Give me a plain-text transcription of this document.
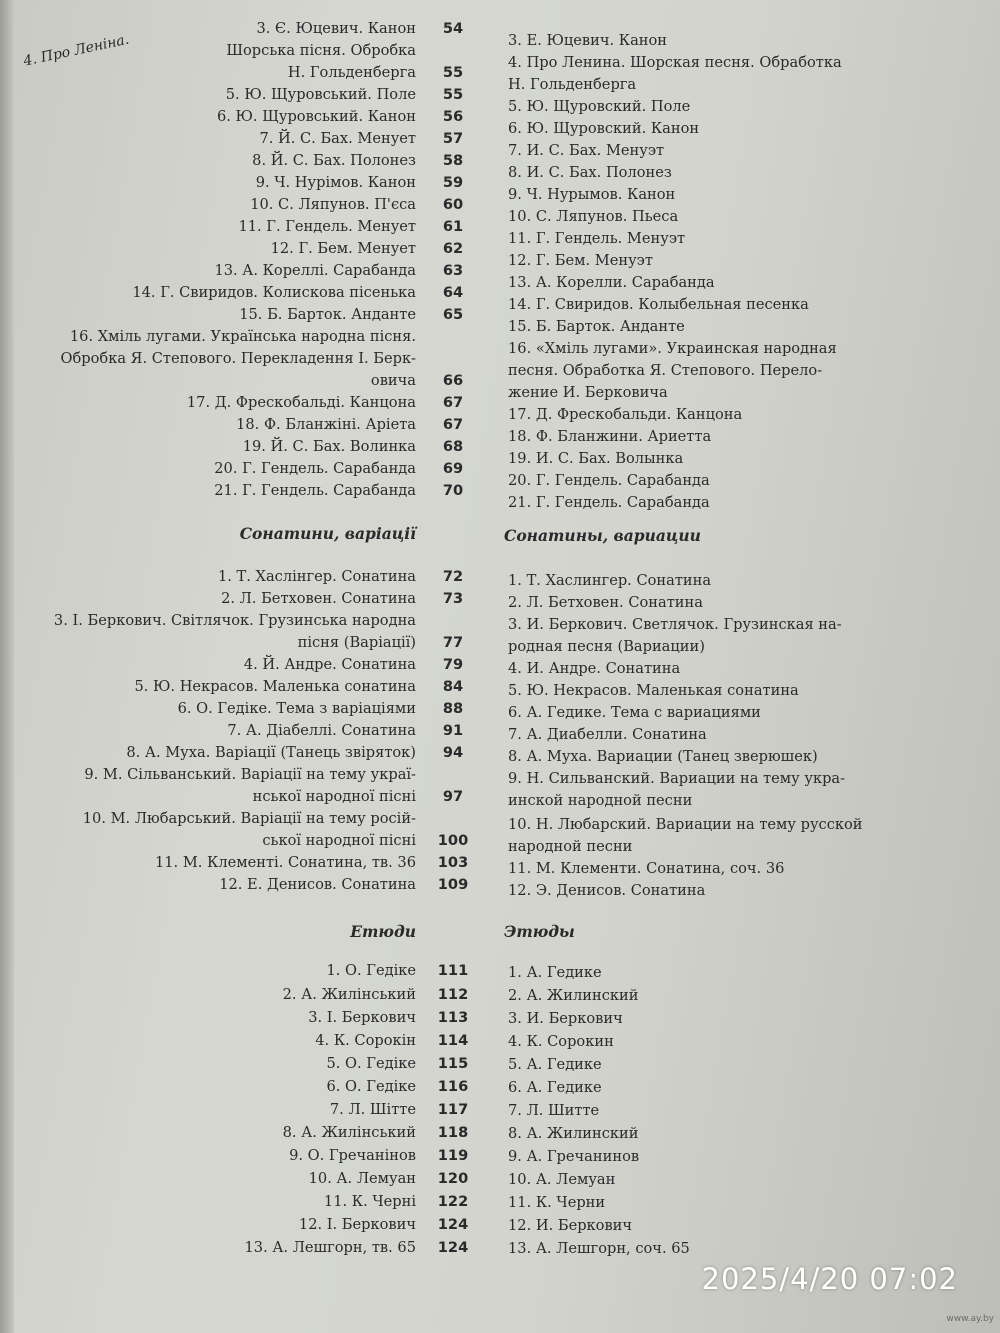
3. Є. Юцевич. Канон
Шорська пісня. Обробка
Н. Гольденберга
5. Ю. Щуровський. Поле
6. Ю. Щуровський. Канон
7. Й. С. Бах. Менует
8. Й. С. Бах. Полонез
9. Ч. Нурімов. Канон
10. С. Ляпунов. П'єса
11. Г. Гендель. Менует
12. Г. Бем. Менует
13. А. Кореллі. Сарабанда
14. Г. Свиридов. Колискова пісенька
15. Б. Барток. Анданте
16. Хміль лугами. Українська народна пісня.
Обробка Я. Степового. Перекладення І. Берк-
овича
17. Д. Фрескобальді. Канцона
18. Ф. Бланжіні. Аріета
19. Й. С. Бах. Волинка
20. Г. Гендель. Сарабанда
21. Г. Гендель. Сарабанда
1. Т. Хаслінгер. Сонатина
2. Л. Бетховен. Сонатина
3. І. Беркович. Світлячок. Грузинська народна
пісня (Варіації)
4. Й. Андре. Сонатина
5. Ю. Некрасов. Маленька сонатина
6. О. Гедіке. Тема з варіаціями
7. А. Діабеллі. Сонатина
8. А. Муха. Варіації (Танець звіряток)
9. М. Сільванський. Варіації на тему украї-
нської народної пісні
10. М. Любарський. Варіації на тему росій-
ської народної пісні
11. М. Клементі. Сонатина, тв. 36
12. Е. Денисов. Сонатина
1. О. Гедіке
2. А. Жилінський
3. І. Беркович
4. К. Сорокін
5. О. Гедіке
6. О. Гедіке
7. Л. Шітте
8. А. Жилінський
9. О. Гречанінов
10. А. Лемуан
11. К. Черні
12. І. Беркович
13. А. Лешгорн, тв. 65
54
55
55
56
57
58
59
60
61
62
63
64
65
66
67
67
68
69
70
72
73
77
79
84
88
91
94
97
100
103
109
111
112
113
114
115
116
117
118
119
120
122
124
124
3. Е. Юцевич. Канон
4. Про Ленина. Шорская песня. Обработка
Н. Гольденберга
5. Ю. Щуровский. Поле
6. Ю. Щуровский. Канон
7. И. С. Бах. Менуэт
8. И. С. Бах. Полонез
9. Ч. Нурымов. Канон
10. С. Ляпунов. Пьеса
11. Г. Гендель. Менуэт
12. Г. Бем. Менуэт
13. А. Корелли. Сарабанда
14. Г. Свиридов. Колыбельная песенка
15. Б. Барток. Анданте
16. «Хміль лугами». Украинская народная
песня. Обработка Я. Степового. Перело-
жение И. Берковича
17. Д. Фрескобальди. Канцона
18. Ф. Бланжини. Ариетта
19. И. С. Бах. Волынка
20. Г. Гендель. Сарабанда
21. Г. Гендель. Сарабанда
1. Т. Хаслингер. Сонатина
2. Л. Бетховен. Сонатина
3. И. Беркович. Светлячок. Грузинская на-
родная песня (Вариации)
4. И. Андре. Сонатина
5. Ю. Некрасов. Маленькая сонатина
6. А. Гедике. Тема с вариациями
7. А. Диабелли. Сонатина
8. А. Муха. Вариации (Танец зверюшек)
9. Н. Сильванский. Вариации на тему укра-
инской народной песни
10. Н. Любарский. Вариации на тему русской
народной песни
11. М. Клементи. Сонатина, соч. 36
12. Э. Денисов. Сонатина
1. А. Гедике
2. А. Жилинский
3. И. Беркович
4. К. Сорокин
5. А. Гедике
6. А. Гедике
7. Л. Шитте
8. А. Жилинский
9. А. Гречанинов
10. А. Лемуан
11. К. Черни
12. И. Беркович
13. А. Лешгорн, соч. 65
4. Про Леніна.
Сонатини, варіації	Сонатины, вариации
Етюди	Этюды
2025/4/20 07:02
www.ay.by
